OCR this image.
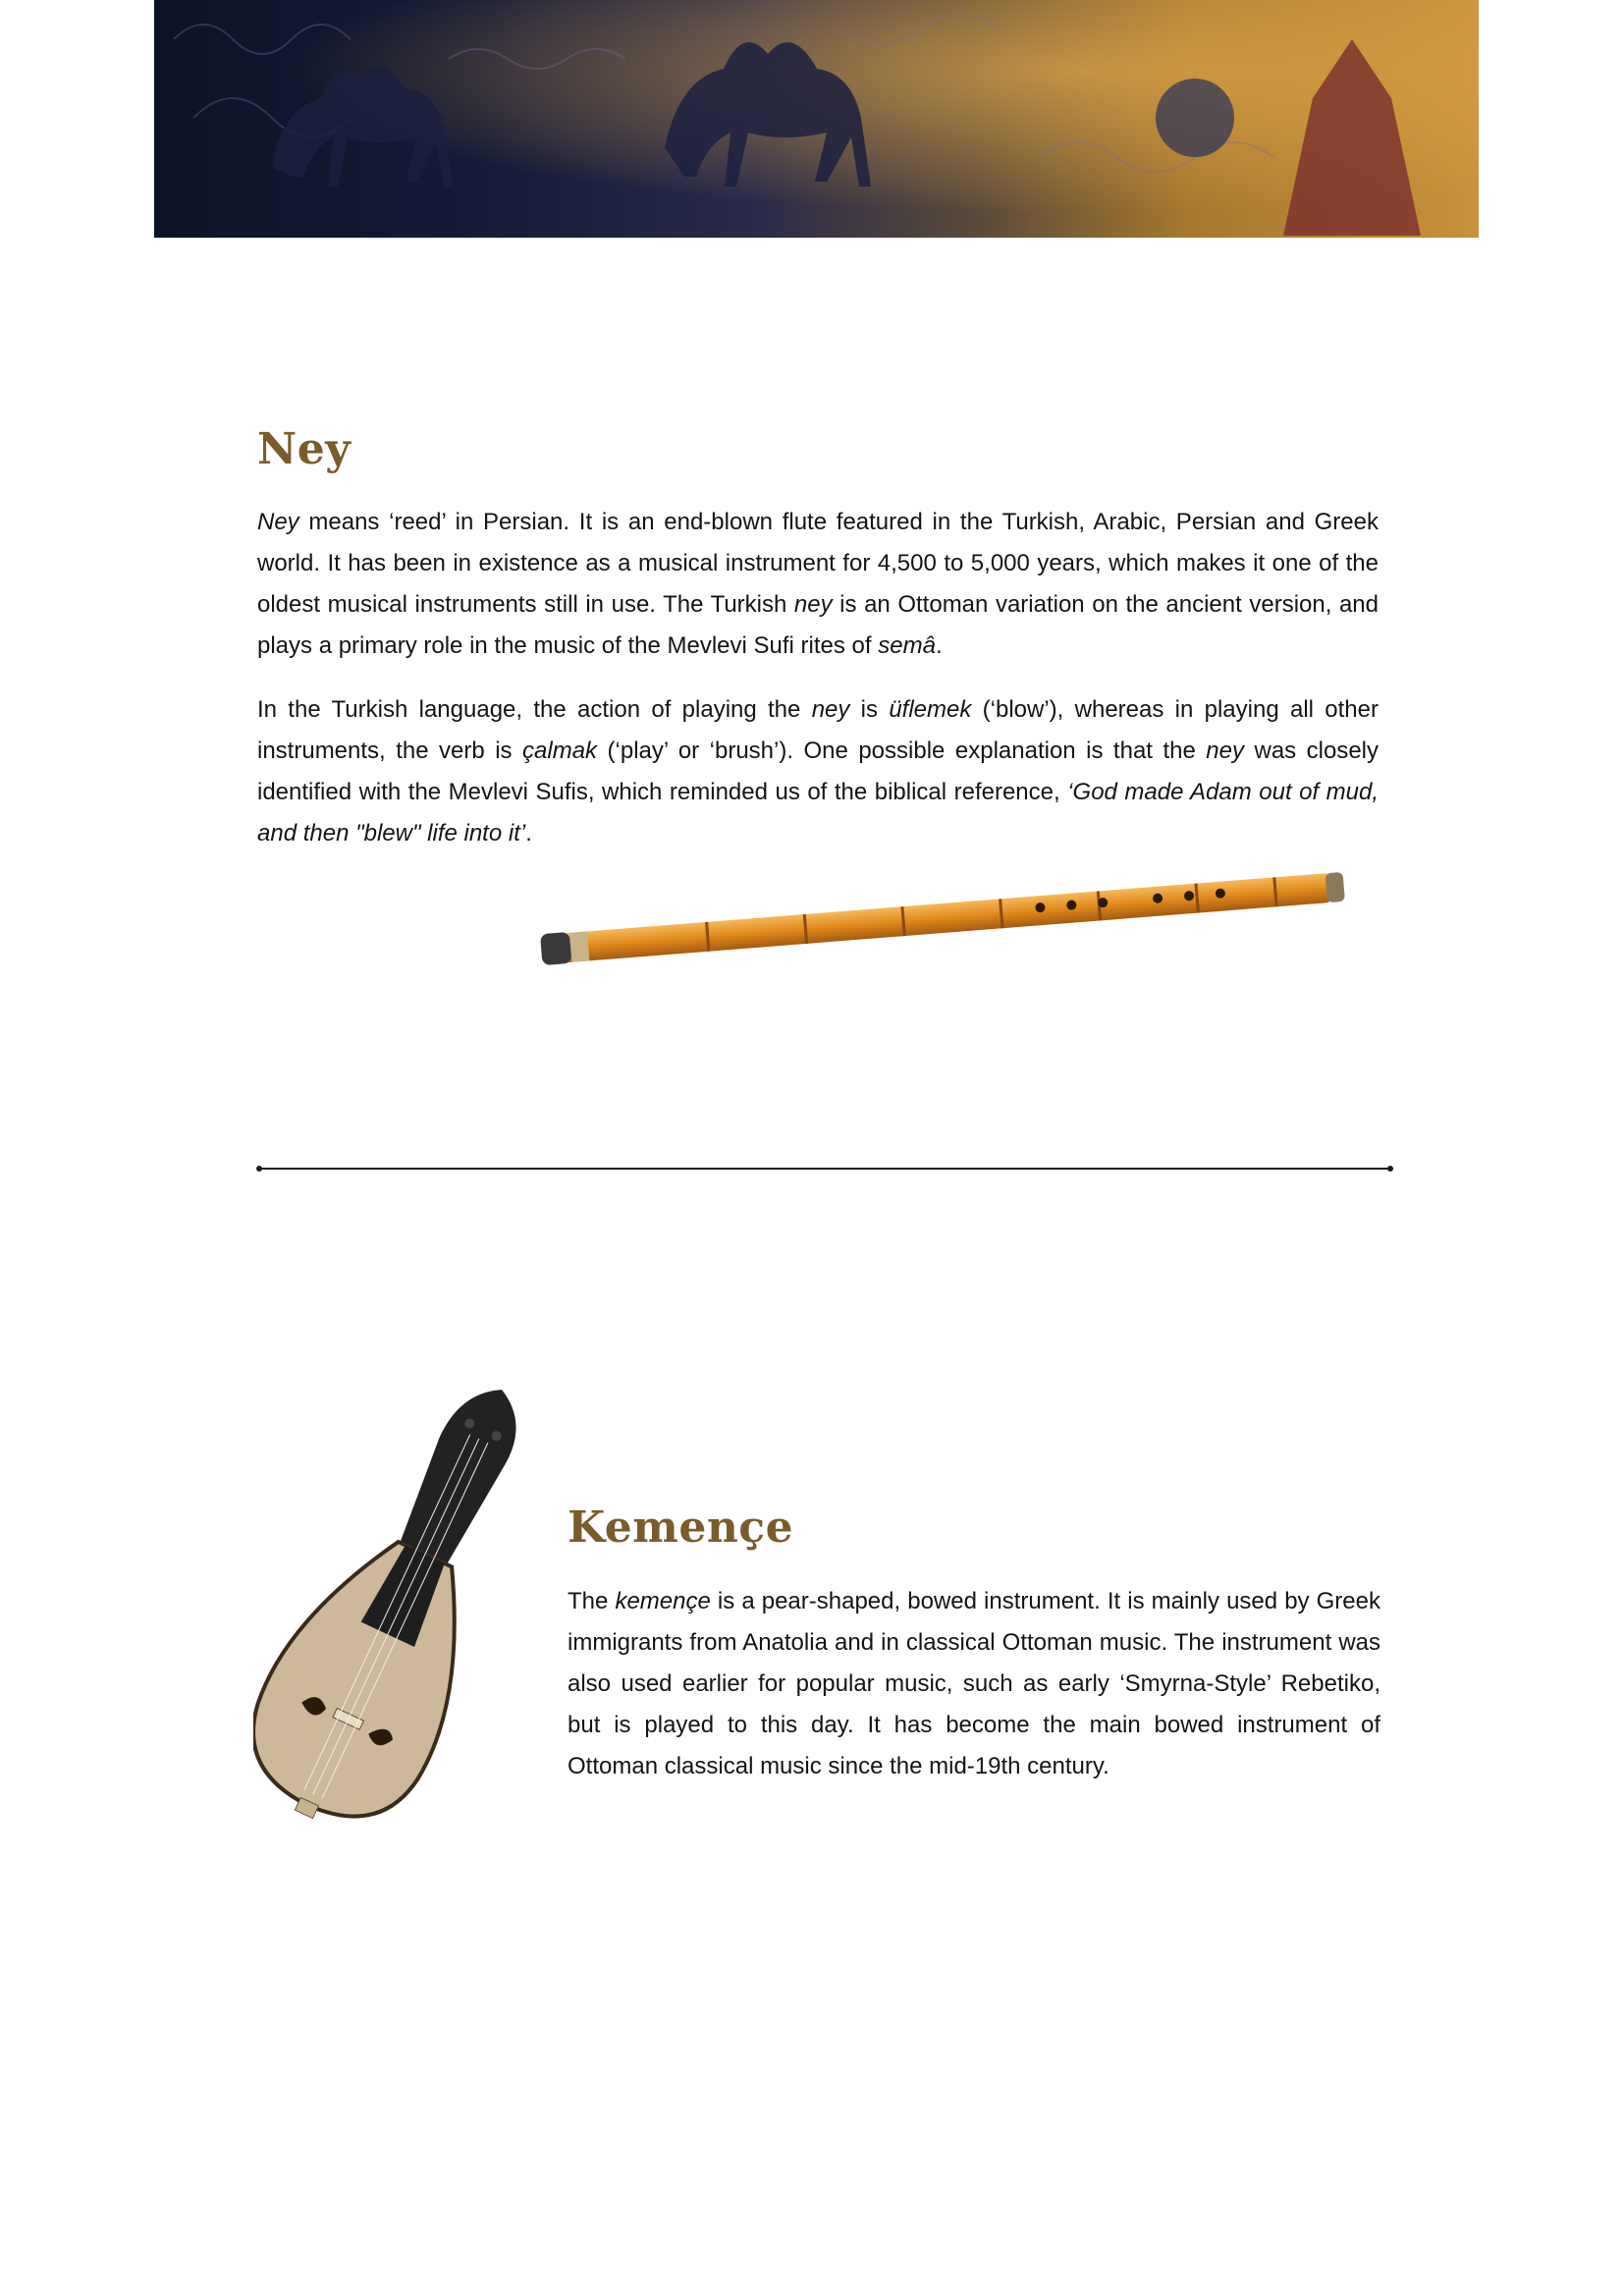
Ney

Ney means ‘reed’ in Persian. It is an end-blown flute featured in the Turkish, Arabic, Persian and Greek world. It has been in existence as a musical instrument for 4,500 to 5,000 years, which makes it one of the oldest musical instruments still in use. The Turkish ney is an Ottoman variation on the ancient version, and plays a primary role in the music of the Mevlevi Sufi rites of semâ.

In the Turkish language, the action of playing the ney is üflemek (‘blow’), whereas in playing all other instruments, the verb is çalmak (‘play’ or ‘brush’). One possible explanation is that the ney was closely identified with the Mevlevi Sufis, which reminded us of the biblical reference, ‘God made Adam out of mud, and then "blew" life into it’.

Kemençe

The kemençe is a pear-shaped, bowed instrument. It is mainly used by Greek immigrants from Anatolia and in classical Ottoman music. The instrument was also used earlier for popular music, such as early ‘Smyrna-Style’ Rebetiko, but is played to this day. It has become the main bowed instrument of Ottoman classical music since the mid-19th century.
